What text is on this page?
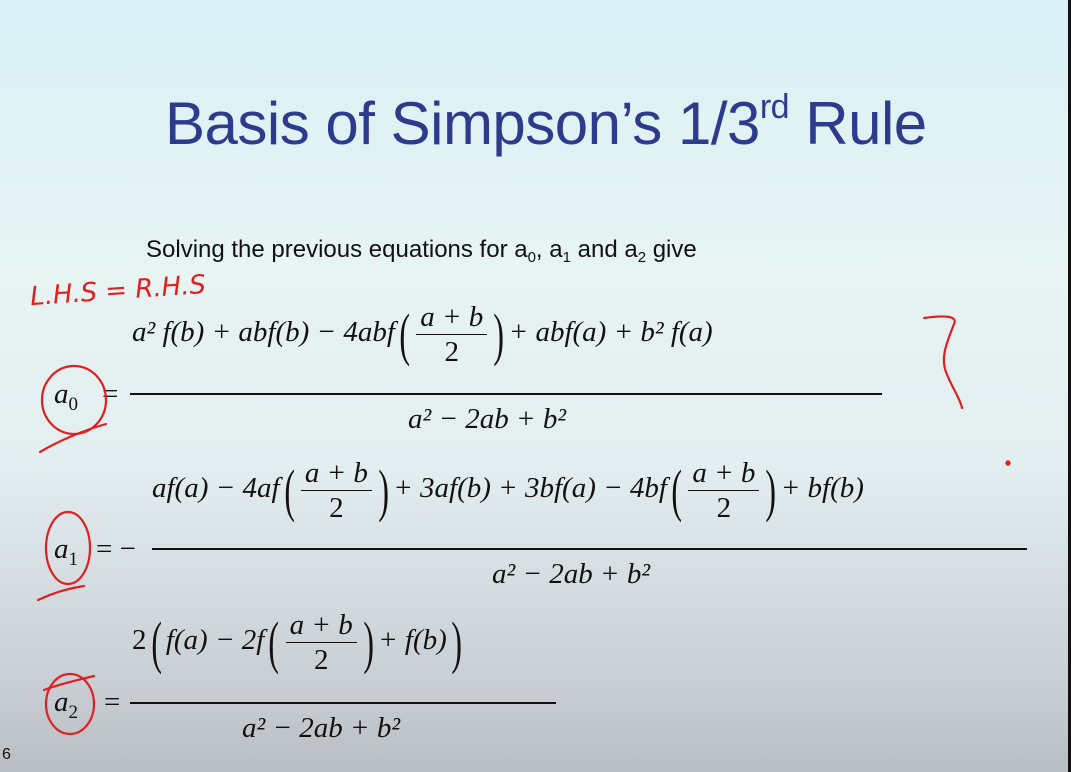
Basis of Simpson’s 1/3rd Rule
Solving the previous equations for $a_0$, $a_1$ and $a_2$ give
$a_0$ =
a² $f(b) + abf(b) - 4abf( \frac{a + b}{2}$ ) + abf(a) + b² f(a)
a² − 2ab + b²
$a_1$ = −
$af(a) - 4af( \frac{a + b}{2}$ ) + $3af(b) + 3bf(a) - 4bf( \frac{a + b}{2}$ ) + bf(b)
a² − 2ab + b²
$a_2$ =
2( $f(a) - 2f( \frac{a + b}{2}$ ) + f(b))
a² − 2ab + b²
L.H.S = R.H.S
6
